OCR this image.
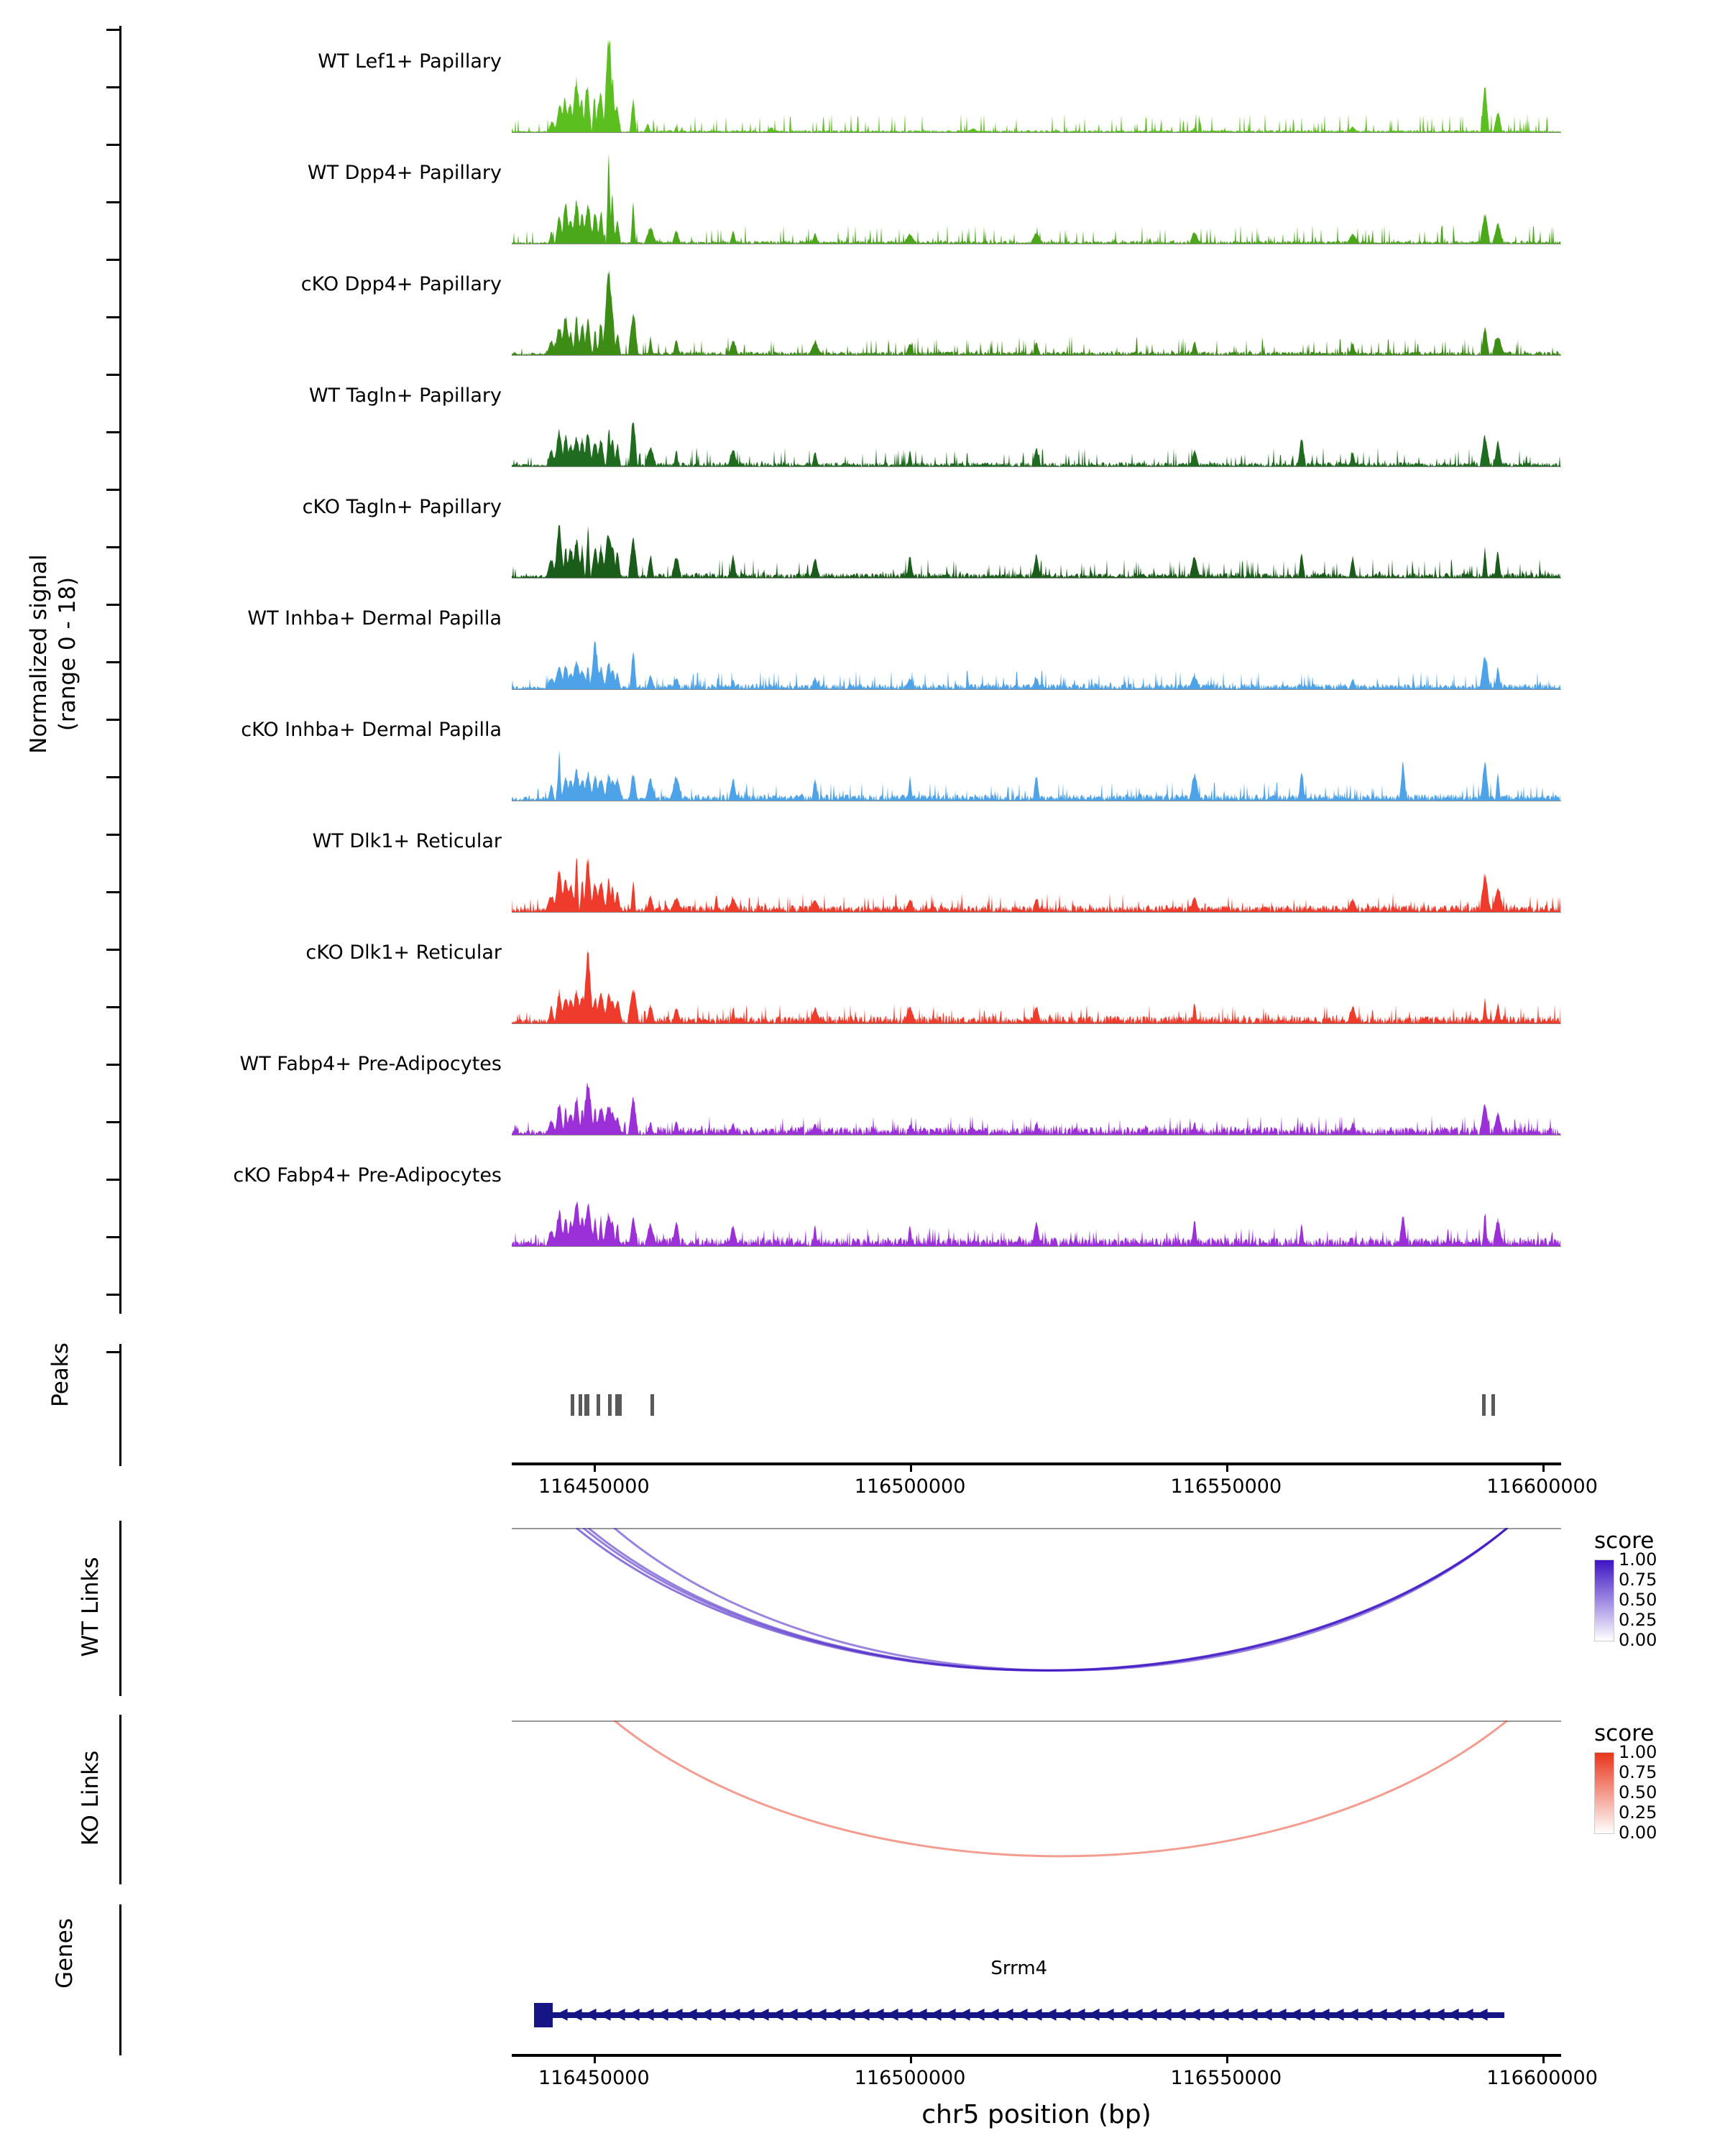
Normalized signal (range 0 - 18)
WT Lef1+ Papillary
WT Dpp4+ Papillary
cKO Dpp4+ Papillary
WT Tagln+ Papillary
cKO Tagln+ Papillary
WT Inhba+ Dermal Papilla
cKO Inhba+ Dermal Papilla
WT Dlk1+ Reticular
cKO Dlk1+ Reticular
WT Fabp4+ Pre-Adipocytes
cKO Fabp4+ Pre-Adipocytes
Peaks
116450000	116500000	116550000	116600000
WT Links
score
1.00
0.75
0.50
0.25
0.00
KO Links
score
1.00
0.75
0.50
0.25
0.00
Genes	Srrm4
◀ ◀ ◀ ◀ ◀ ◀ ◀ ◀ ◀ ◀ ◀ ◀ ◀ ◀ ◀ ◀ ◀ ◀ ◀ ◀ ◀ ◀ ◀ ◀ ◀ ◀ ◀ ◀ ◀ ◀ ◀ ◀ ◀ ◀ ◀ ◀ ◀ ◀ ◀ ◀ ◀ ◀ ◀ ◀ ◀ ◀ ◀ ◀ ◀ ◀ ◀ ◀ ◀ ◀ ◀ ◀ ◀ ◀ ◀ ◀ ◀ ◀ ◀ ◀ ◀
116450000	116500000	116550000	116600000
chr5 position (bp)
